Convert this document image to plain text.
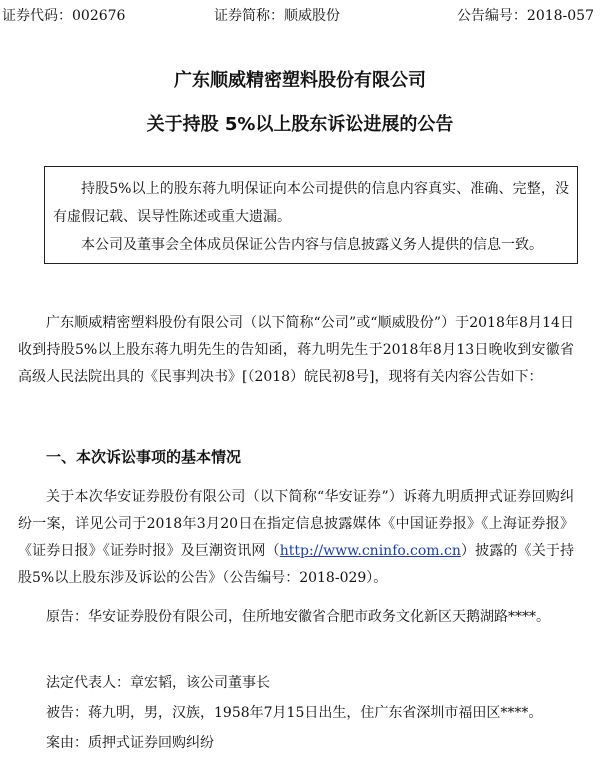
证券代码：002676	证券简称：顺威股份	公告编号：2018-057
广东顺威精密塑料股份有限公司
关于持股 5%以上股东诉讼进展的公告

持股5%以上的股东蒋九明保证向本公司提供的信息内容真实、准确、完整，没有虚假记载、误导性陈述或重大遗漏。

本公司及董事会全体成员保证公告内容与信息披露义务人提供的信息一致。

广东顺威精密塑料股份有限公司（以下简称“公司”或“顺威股份”）于2018年8月14日收到持股5%以上股东蒋九明先生的告知函，蒋九明先生于2018年8月13日晚收到安徽省高级人民法院出具的《民事判决书》[（2018）皖民初8号]，现将有关内容公告如下：

一、本次诉讼事项的基本情况

关于本次华安证券股份有限公司（以下简称“华安证券”）诉蒋九明质押式证券回购纠纷一案，详见公司于2018年3月20日在指定信息披露媒体《中国证券报》《上海证券报》《证券日报》《证券时报》及巨潮资讯网（http://www.cninfo.com.cn）披露的《关于持股5%以上股东涉及诉讼的公告》（公告编号：2018-029）。

原告：华安证券股份有限公司，住所地安徽省合肥市政务文化新区天鹅湖路****。

法定代表人：章宏韬，该公司董事长
被告：蒋九明，男，汉族，1958年7月15日出生，住广东省深圳市福田区****。
案由：质押式证券回购纠纷
